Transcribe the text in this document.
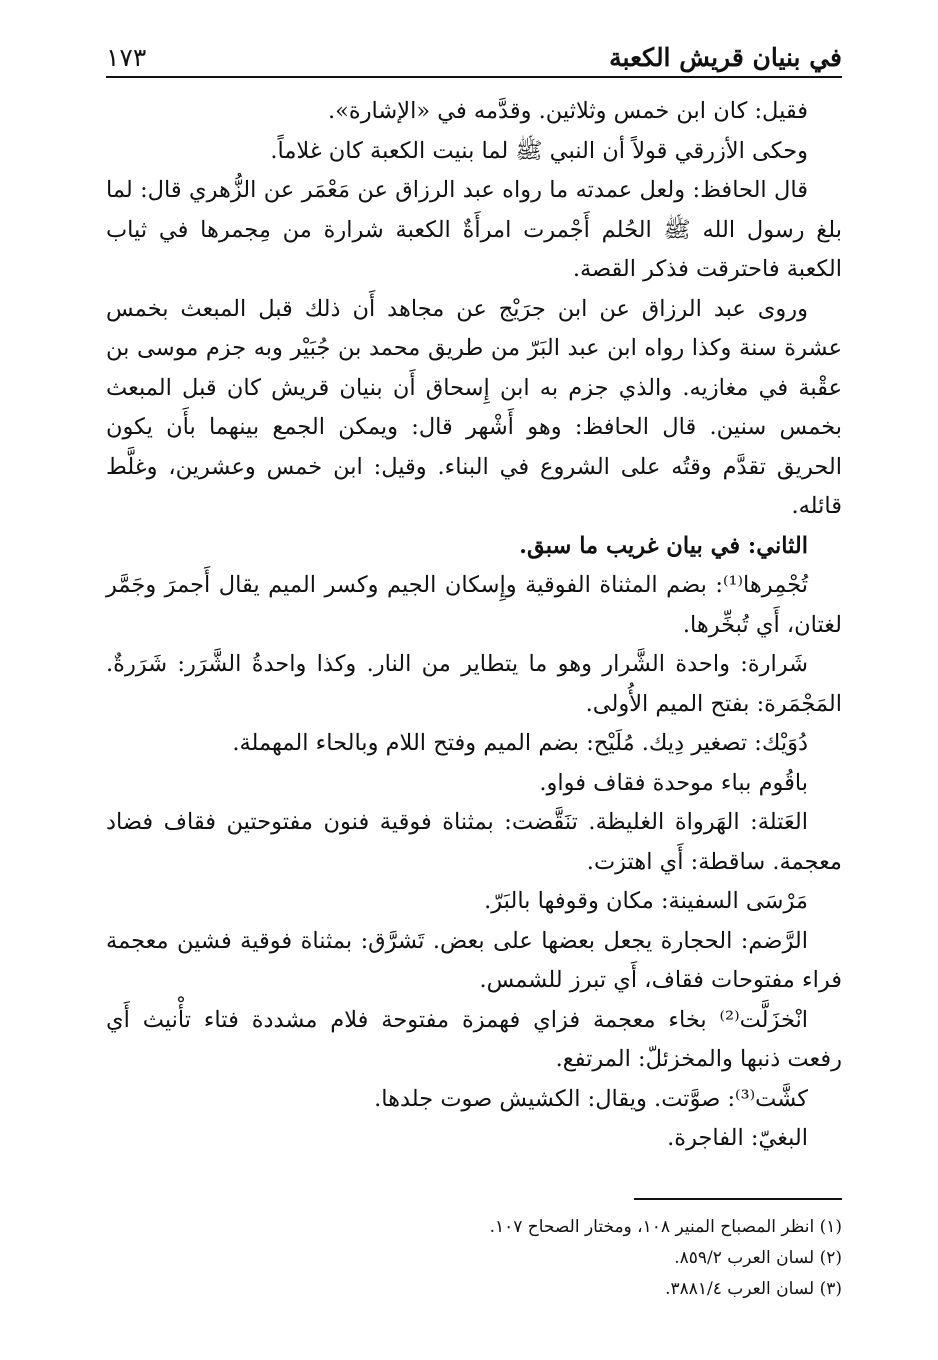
في بنيان قريش الكعبة
١٧٣

فقيل: كان ابن خمس وثلاثين. وقدَّمه في «الإشارة».

وحكى الأزرقي قولاً أن النبي ﷺ لما بنيت الكعبة كان غلاماً.

قال الحافظ: ولعل عمدته ما رواه عبد الرزاق عن مَعْمَر عن الزُّهري قال: لما بلغ رسول الله ﷺ الحُلم أَجْمرت امرأَةٌ الكعبة شرارة من مِجمرها في ثياب الكعبة فاحترقت فذكر القصة.

وروى عبد الرزاق عن ابن جرَيْج عن مجاهد أَن ذلك قبل المبعث بخمس عشرة سنة وكذا رواه ابن عبد البَرّ من طريق محمد بن جُبَيْر وبه جزم موسى بن عقْبة في مغازيه. والذي جزم به ابن إِسحاق أَن بنيان قريش كان قبل المبعث بخمس سنين. قال الحافظ: وهو أَشْهر قال: ويمكن الجمع بينهما بأَن يكون الحريق تقدَّم وقتُه على الشروع في البناء. وقيل: ابن خمس وعشرين، وغلَّط قائله.

الثاني: في بيان غريب ما سبق.

تُجْمِرها⁽¹⁾: بضم المثناة الفوقية وإِسكان الجيم وكسر الميم يقال أَجمرَ وجَمَّر لغتان، أَي تُبخِّرها.

شَرارة: واحدة الشَّرار وهو ما يتطاير من النار. وكذا واحدةُ الشَّرَر: شَرَرةٌ. المَجْمَرة: بفتح الميم الأُولى.

دُوَيْك: تصغير دِيك. مُلَيْح: بضم الميم وفتح اللام وبالحاء المهملة.

باقُوم بباء موحدة فقاف فواو.

العَتلة: الهَرواة الغليظة. تنَقَّضت: بمثناة فوقية فنون مفتوحتين فقاف فضاد معجمة. ساقطة: أَي اهتزت.

مَرْسَى السفينة: مكان وقوفها بالبَرّ.

الرَّضم: الحجارة يجعل بعضها على بعض. تَشرَّق: بمثناة فوقية فشين معجمة فراء مفتوحات فقاف، أَي تبرز للشمس.

انْخزَلَّت⁽²⁾ بخاء معجمة فزاي فهمزة مفتوحة فلام مشددة فتاء تأْنيث أَي رفعت ذنبها والمخزئلّ: المرتفع.

كشَّت⁽³⁾: صوَّتت. ويقال: الكشيش صوت جلدها.

البغيّ: الفاجرة.

(١) انظر المصباح المنير ١٠٨، ومختار الصحاح ١٠٧.
(٢) لسان العرب ٨٥٩/٢.
(٣) لسان العرب ٣٨٨١/٤.
